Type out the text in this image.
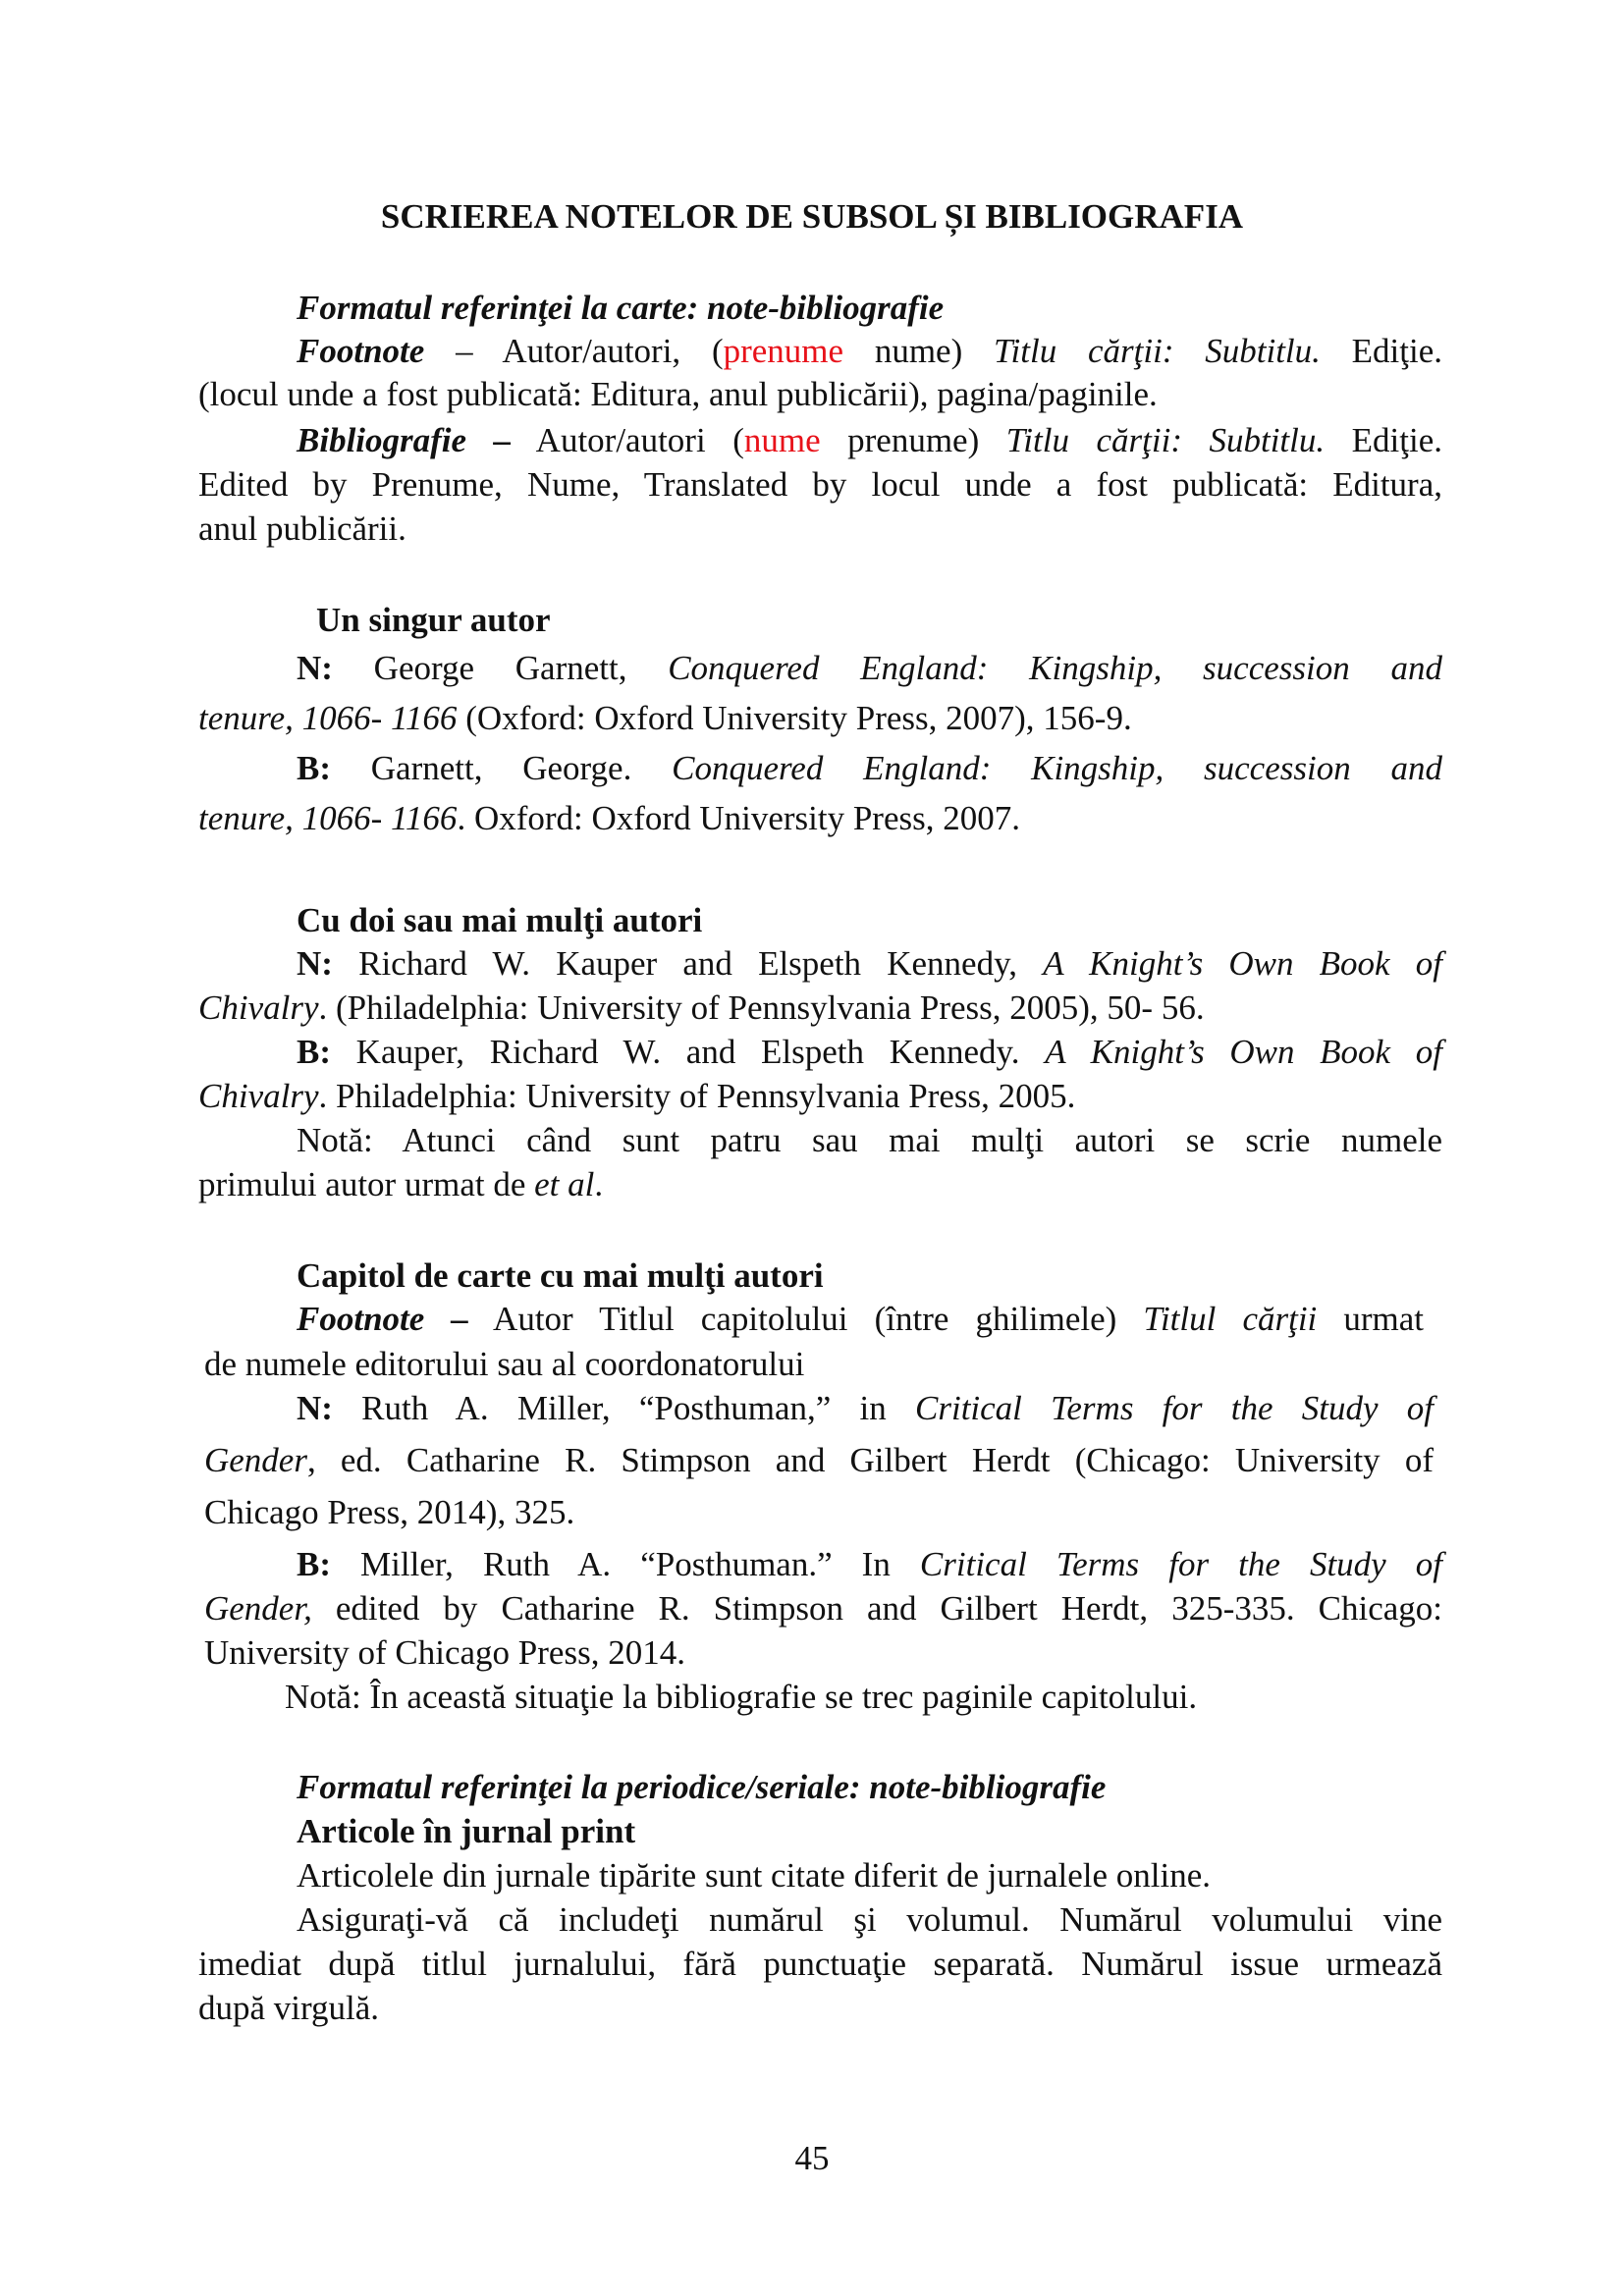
SCRIEREA NOTELOR DE SUBSOL ȘI BIBLIOGRAFIA
Formatul referinţei la carte: note-bibliografie
Footnote – Autor/autori, (prenume nume) Titlu cărţii: Subtitlu. Ediţie.
(locul unde a fost publicată: Editura, anul publicării), pagina/paginile.
Bibliografie – Autor/autori (nume prenume) Titlu cărţii: Subtitlu. Ediţie.
Edited by Prenume, Nume, Translated by locul unde a fost publicată: Editura,
anul publicării.
Un singur autor
N: George Garnett, Conquered England: Kingship, succession and
tenure, 1066- 1166 (Oxford: Oxford University Press, 2007), 156-9.
B: Garnett, George. Conquered England: Kingship, succession and
tenure, 1066- 1166. Oxford: Oxford University Press, 2007.
Cu doi sau mai mulţi autori
N: Richard W. Kauper and Elspeth Kennedy, A Knight’s Own Book of
Chivalry. (Philadelphia: University of Pennsylvania Press, 2005), 50- 56.
B: Kauper, Richard W. and Elspeth Kennedy. A Knight’s Own Book of
Chivalry. Philadelphia: University of Pennsylvania Press, 2005.
Notă: Atunci când sunt patru sau mai mulţi autori se scrie numele
primului autor urmat de et al.
Capitol de carte cu mai mulţi autori
Footnote – Autor Titlul capitolului (între ghilimele) Titlul cărţii urmat
de numele editorului sau al coordonatorului
N: Ruth A. Miller, “Posthuman,” in Critical Terms for the Study of
Gender, ed. Catharine R. Stimpson and Gilbert Herdt (Chicago: University of
Chicago Press, 2014), 325.
B: Miller, Ruth A. “Posthuman.” In Critical Terms for the Study of
Gender, edited by Catharine R. Stimpson and Gilbert Herdt, 325-335. Chicago:
University of Chicago Press, 2014.
Notă: În această situaţie la bibliografie se trec paginile capitolului.
Formatul referinţei la periodice/seriale: note-bibliografie
Articole în jurnal print
Articolele din jurnale tipărite sunt citate diferit de jurnalele online.
Asiguraţi-vă că includeţi numărul şi volumul. Numărul volumului vine
imediat după titlul jurnalului, fără punctuaţie separată. Numărul issue urmează
după virgulă.
45
